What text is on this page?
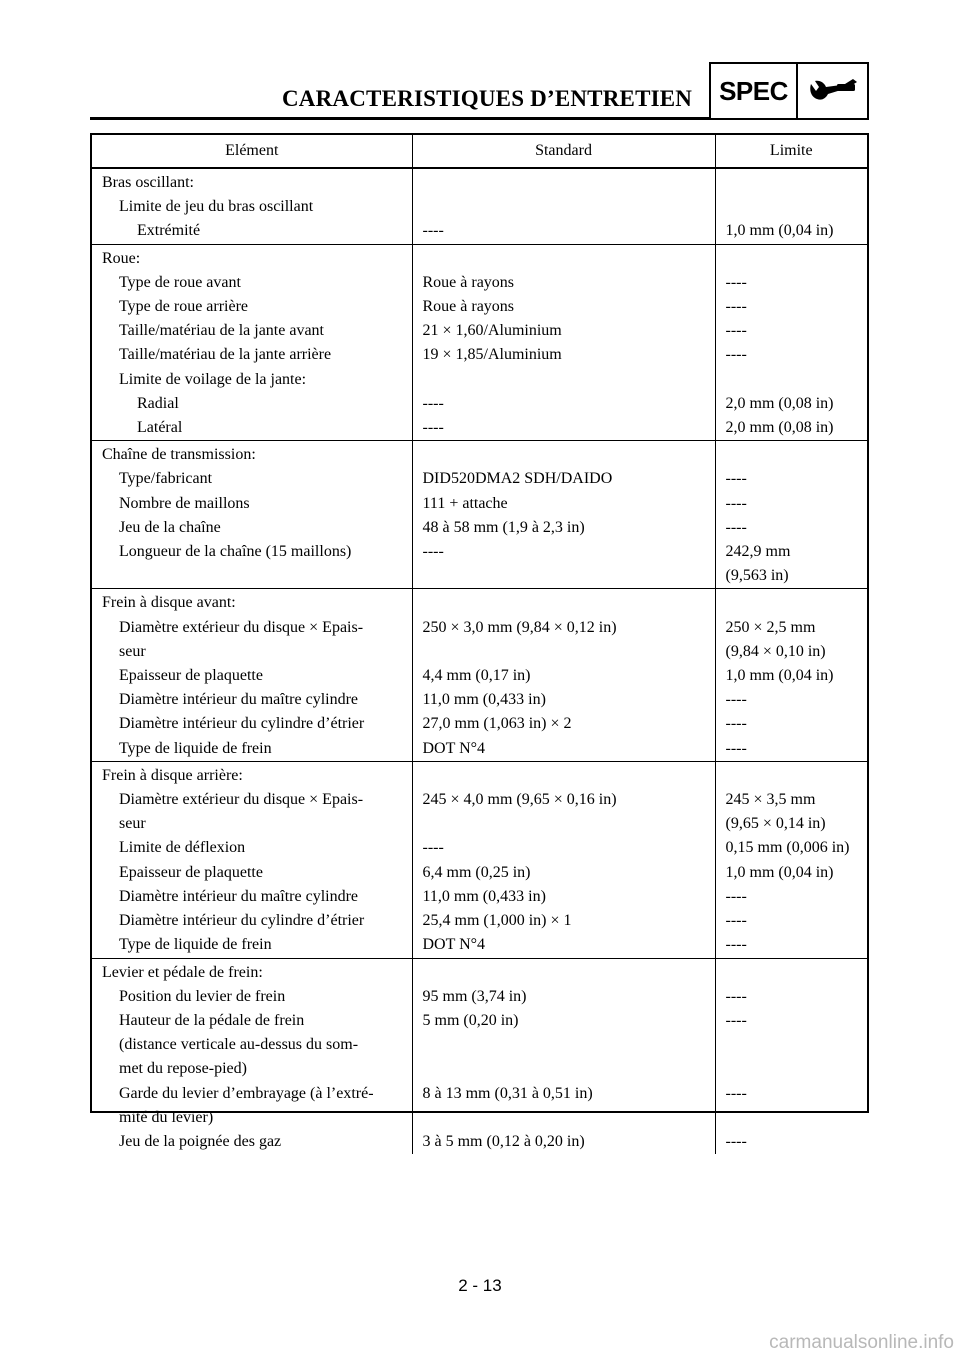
CARACTERISTIQUES D’ENTRETIEN	SPEC
Elément	Standard	Limite
Bras oscillant:		
Limite de jeu du bras oscillant		
Extrémité	----	1,0 mm (0,04 in)
Roue:		
Type de roue avant	Roue à rayons	----
Type de roue arrière	Roue à rayons	----
Taille/matériau de la jante avant	21 × 1,60/Aluminium	----
Taille/matériau de la jante arrière	19 × 1,85/Aluminium	----
Limite de voilage de la jante:		
Radial	----	2,0 mm (0,08 in)
Latéral	----	2,0 mm (0,08 in)
Chaîne de transmission:		
Type/fabricant	DID520DMA2 SDH/DAIDO	----
Nombre de maillons	111 + attache	----
Jeu de la chaîne	48 à 58 mm (1,9 à 2,3 in)	----
Longueur de la chaîne (15 maillons)	----	242,9 mm
(9,563 in)
Frein à disque avant:		
Diamètre extérieur du disque × Epais-
seur	250 × 3,0 mm (9,84 × 0,12 in)	250 × 2,5 mm
(9,84 × 0,10 in)
Epaisseur de plaquette	4,4 mm (0,17 in)	1,0 mm (0,04 in)
Diamètre intérieur du maître cylindre	11,0 mm (0,433 in)	----
Diamètre intérieur du cylindre d’étrier	27,0 mm (1,063 in) × 2	----
Type de liquide de frein	DOT N°4	----
Frein à disque arrière:		
Diamètre extérieur du disque × Epais-
seur	245 × 4,0 mm (9,65 × 0,16 in)	245 × 3,5 mm
(9,65 × 0,14 in)
Limite de déflexion	----	0,15 mm (0,006 in)
Epaisseur de plaquette	6,4 mm (0,25 in)	1,0 mm (0,04 in)
Diamètre intérieur du maître cylindre	11,0 mm (0,433 in)	----
Diamètre intérieur du cylindre d’étrier	25,4 mm (1,000 in) × 1	----
Type de liquide de frein	DOT N°4	----
Levier et pédale de frein:		
Position du levier de frein	95 mm (3,74 in)	----
Hauteur de la pédale de frein
(distance verticale au-dessus du som-
met du repose-pied)	5 mm (0,20 in)	----
Garde du levier d’embrayage (à l’extré-
mité du levier)	8 à 13 mm (0,31 à 0,51 in)	----
Jeu de la poignée des gaz	3 à 5 mm (0,12 à 0,20 in)	----
2 - 13
carmanualsonline.info
